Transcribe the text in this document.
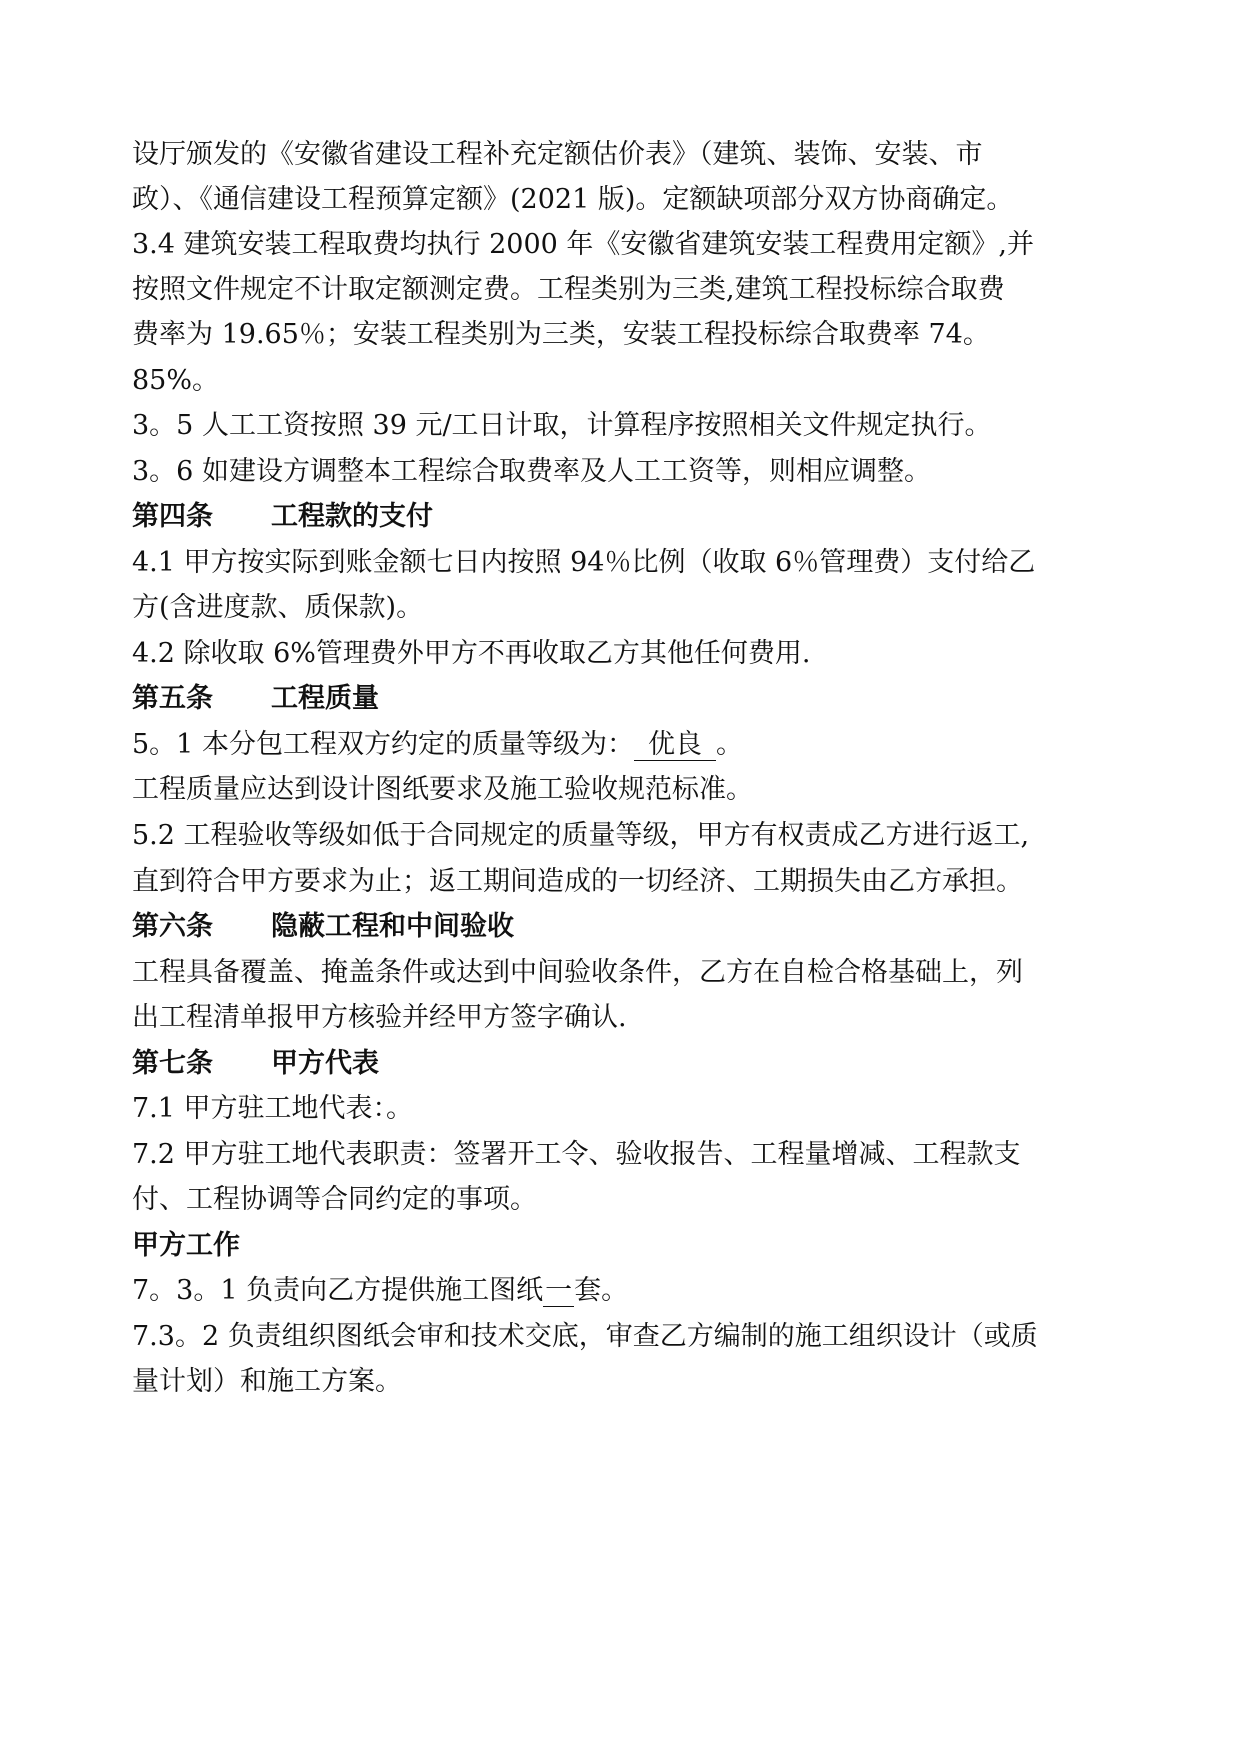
设厅颁发的《安徽省建设工程补充定额估价表》（建筑、装饰、安装、市
政）、《通信建设工程预算定额》(2021 版)。定额缺项部分双方协商确定。
3.4 建筑安装工程取费均执行 2000 年《安徽省建筑安装工程费用定额》,并
按照文件规定不计取定额测定费。工程类别为三类,建筑工程投标综合取费
费率为 19.65％；安装工程类别为三类，安装工程投标综合取费率 74。
85%。
3。5 人工工资按照 39 元/工日计取，计算程序按照相关文件规定执行。
3。6 如建设方调整本工程综合取费率及人工工资等，则相应调整。
第四条 工程款的支付
4.1 甲方按实际到账金额七日内按照 94％比例（收取 6％管理费）支付给乙
方(含进度款、质保款)。
4.2 除收取 6%管理费外甲方不再收取乙方其他任何费用.
第五条 工程质量
5。1 本分包工程双方约定的质量等级为： 优良 。
工程质量应达到设计图纸要求及施工验收规范标准。
5.2 工程验收等级如低于合同规定的质量等级，甲方有权责成乙方进行返工,
直到符合甲方要求为止；返工期间造成的一切经济、工期损失由乙方承担。
第六条 隐蔽工程和中间验收
工程具备覆盖、掩盖条件或达到中间验收条件，乙方在自检合格基础上，列
出工程清单报甲方核验并经甲方签字确认.
第七条 甲方代表
7.1 甲方驻工地代表：。
7.2 甲方驻工地代表职责：签署开工令、验收报告、工程量增减、工程款支
付、工程协调等合同约定的事项。
甲方工作
7。3。1 负责向乙方提供施工图纸一套。
7.3。2 负责组织图纸会审和技术交底，审查乙方编制的施工组织设计（或质
量计划）和施工方案。
